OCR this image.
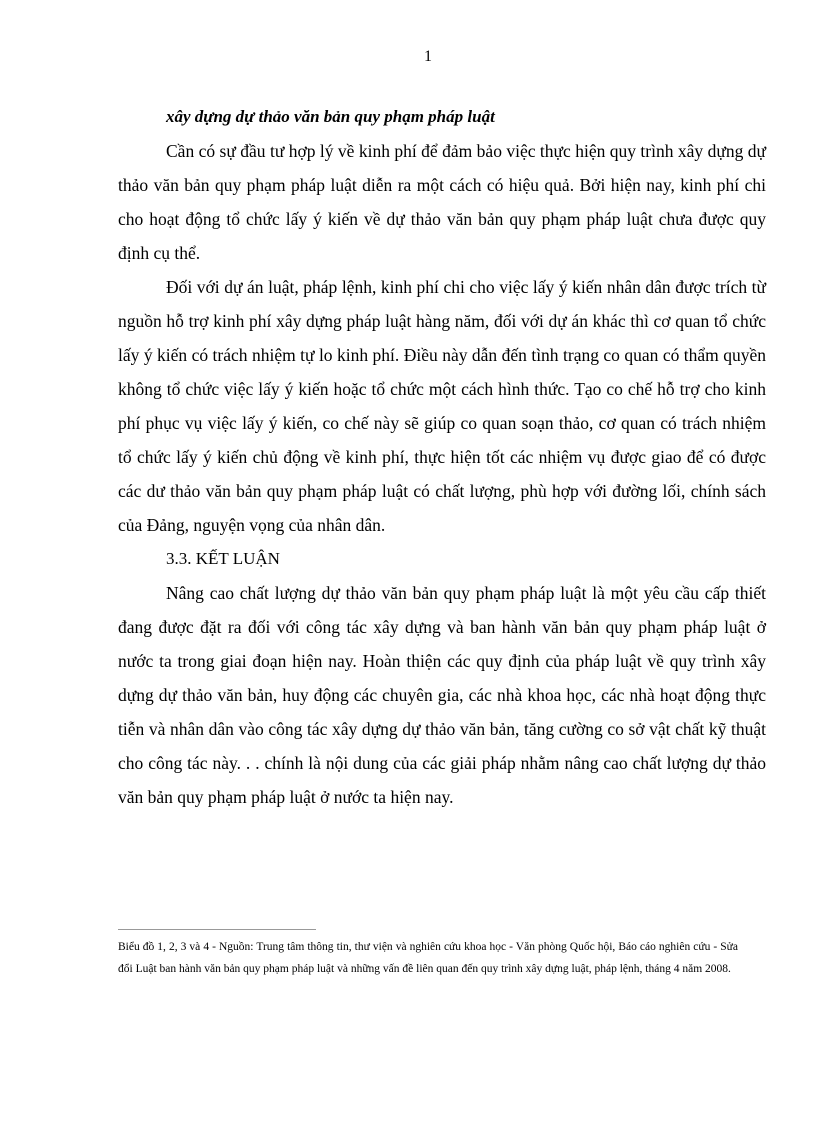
1

xây dựng dự thảo văn bản quy phạm pháp luật

Cần có sự đầu tư hợp lý về kinh phí để đảm bảo việc thực hiện quy trình xây dựng dự thảo văn bản quy phạm pháp luật diễn ra một cách có hiệu quả. Bởi hiện nay, kinh phí chi cho hoạt động tổ chức lấy ý kiến về dự thảo văn bản quy phạm pháp luật chưa được quy định cụ thể.

Đối với dự án luật, pháp lệnh, kinh phí chi cho việc lấy ý kiến nhân dân được trích từ nguồn hỗ trợ kinh phí xây dựng pháp luật hàng năm, đối với dự án khác thì cơ quan tổ chức lấy ý kiến có trách nhiệm tự lo kinh phí. Điều này dẫn đến tình trạng co quan có thẩm quyền không tổ chức việc lấy ý kiến hoặc tổ chức một cách hình thức. Tạo co chế hỗ trợ cho kinh phí phục vụ việc lấy ý kiến, co chế này sẽ giúp co quan soạn thảo, cơ quan có trách nhiệm tổ chức lấy ý kiến chủ động về kinh phí, thực hiện tốt các nhiệm vụ được giao để có được các dư thảo văn bản quy phạm pháp luật có chất lượng, phù hợp với đường lối, chính sách của Đảng, nguyện vọng của nhân dân.

3.3. KẾT LUẬN

Nâng cao chất lượng dự thảo văn bản quy phạm pháp luật là một yêu cầu cấp thiết đang được đặt ra đối với công tác xây dựng và ban hành văn bản quy phạm pháp luật ở nước ta trong giai đoạn hiện nay. Hoàn thiện các quy định của pháp luật về quy trình xây dựng dự thảo văn bản, huy động các chuyên gia, các nhà khoa học, các nhà hoạt động thực tiễn và nhân dân vào công tác xây dựng dự thảo văn bản, tăng cường co sở vật chất kỹ thuật cho công tác này. . . chính là nội dung của các giải pháp nhằm nâng cao chất lượng dự thảo văn bản quy phạm pháp luật ở nước ta hiện nay.

Biểu đồ 1, 2, 3 và 4 - Nguồn: Trung tâm thông tin, thư viện và nghiên cứu khoa học - Văn phòng Quốc hội, Báo cáo nghiên cứu - Sửa đổi Luật ban hành văn bản quy phạm pháp luật và những vấn đề liên quan đến quy trình xây dựng luật, pháp lệnh, tháng 4 năm 2008.
